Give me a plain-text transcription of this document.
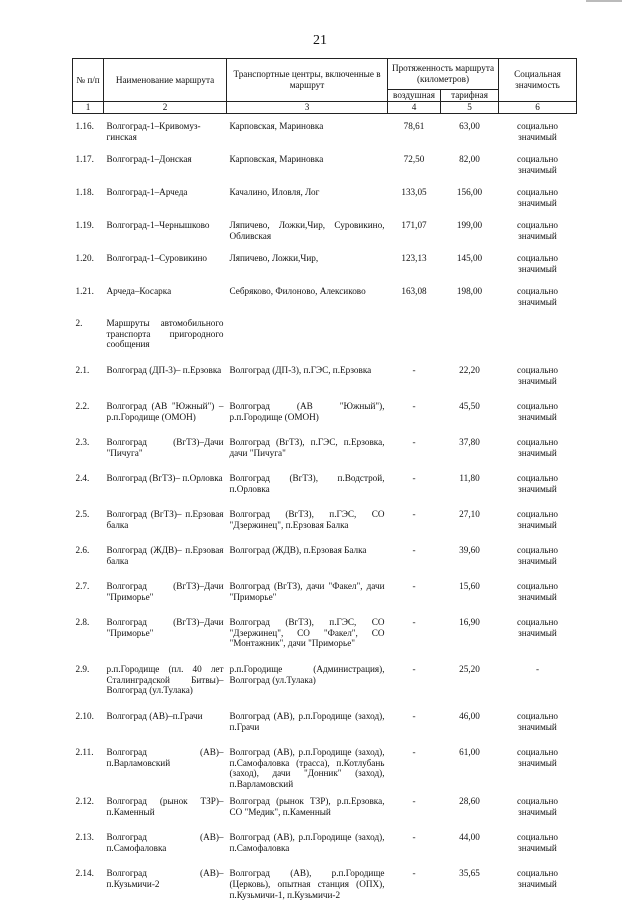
21
№ п/п	Наименование маршрута	Транспортные центры, включенные в маршрут	Протяженность маршрута (километров)		Социальная значимость
			воздушная	тарифная	
1	2	3	4	5	6
1.16.	Волгоград-1–Кривомуз-гинская	Карповская, Мариновка	78,61	63,00	социально значимый
1.17.	Волгоград-1–Донская	Карповская, Мариновка	72,50	82,00	социально значимый
1.18.	Волгоград-1–Арчеда	Качалино, Иловля, Лог	133,05	156,00	социально значимый
1.19.	Волгоград-1–Чернышково	Ляпичево, Ложки,Чир, Суровикино, Обливская	171,07	199,00	социально значимый
1.20.	Волгоград-1–Суровикино	Ляпичево, Ложки,Чир,	123,13	145,00	социально значимый
1.21.	Арчеда–Косарка	Себряково, Филоново, Алексиково	163,08	198,00	социально значимый
2.	Маршруты автомобильного транспорта пригородного сообщения				
2.1.	Волгоград (ДП-3)– п.Ерзовка	Волгоград (ДП-3), п.ГЭС, п.Ерзовка	-	22,20	социально значимый
2.2.	Волгоград (АВ "Южный") – р.п.Городище (ОМОН)	Волгоград (АВ "Южный"), р.п.Городище (ОМОН)	-	45,50	социально значимый
2.3.	Волгоград (ВгТЗ)–Дачи "Пичуга"	Волгоград (ВгТЗ), п.ГЭС, п.Ерзовка, дачи "Пичуга"	-	37,80	социально значимый
2.4.	Волгоград (ВгТЗ)– п.Орловка	Волгоград (ВгТЗ), п.Водстрой, п.Орловка	-	11,80	социально значимый
2.5.	Волгоград (ВгТЗ)– п.Ерзовая балка	Волгоград (ВгТЗ), п.ГЭС, СО "Дзержинец", п.Ерзовая Балка	-	27,10	социально значимый
2.6.	Волгоград (ЖДВ)– п.Ерзовая балка	Волгоград (ЖДВ), п.Ерзовая Балка	-	39,60	социально значимый
2.7.	Волгоград (ВгТЗ)–Дачи "Приморье"	Волгоград (ВгТЗ), дачи "Факел", дачи "Приморье"	-	15,60	социально значимый
2.8.	Волгоград (ВгТЗ)–Дачи "Приморье"	Волгоград (ВгТЗ), п.ГЭС, СО "Дзержинец", СО "Факел", СО "Монтажник", дачи "Приморье"	-	16,90	социально значимый
2.9.	р.п.Городище (пл. 40 лет Сталинградской Битвы)–Волгоград (ул.Тулака)	р.п.Городище (Администрация), Волгоград (ул.Тулака)	-	25,20	-
2.10.	Волгоград (АВ)–п.Грачи	Волгоград (АВ), р.п.Городище (заход), п.Грачи	-	46,00	социально значимый
2.11.	Волгоград (АВ)–п.Варламовский	Волгоград (АВ), р.п.Городище (заход), п.Самофаловка (трасса), п.Котлубань (заход), дачи "Донник" (заход), п.Варламовский	-	61,00	социально значимый
2.12.	Волгоград (рынок ТЗР)– п.Каменный	Волгоград (рынок ТЗР), р.п.Ерзовка, СО "Медик", п.Каменный	-	28,60	социально значимый
2.13.	Волгоград (АВ)–п.Самофаловка	Волгоград (АВ), р.п.Городище (заход), п.Самофаловка	-	44,00	социально значимый
2.14.	Волгоград (АВ)–п.Кузьмичи-2	Волгоград (АВ), р.п.Городище (Церковь), опытная станция (ОПХ), п.Кузьмичи-1, п.Кузьмичи-2	-	35,65	социально значимый
